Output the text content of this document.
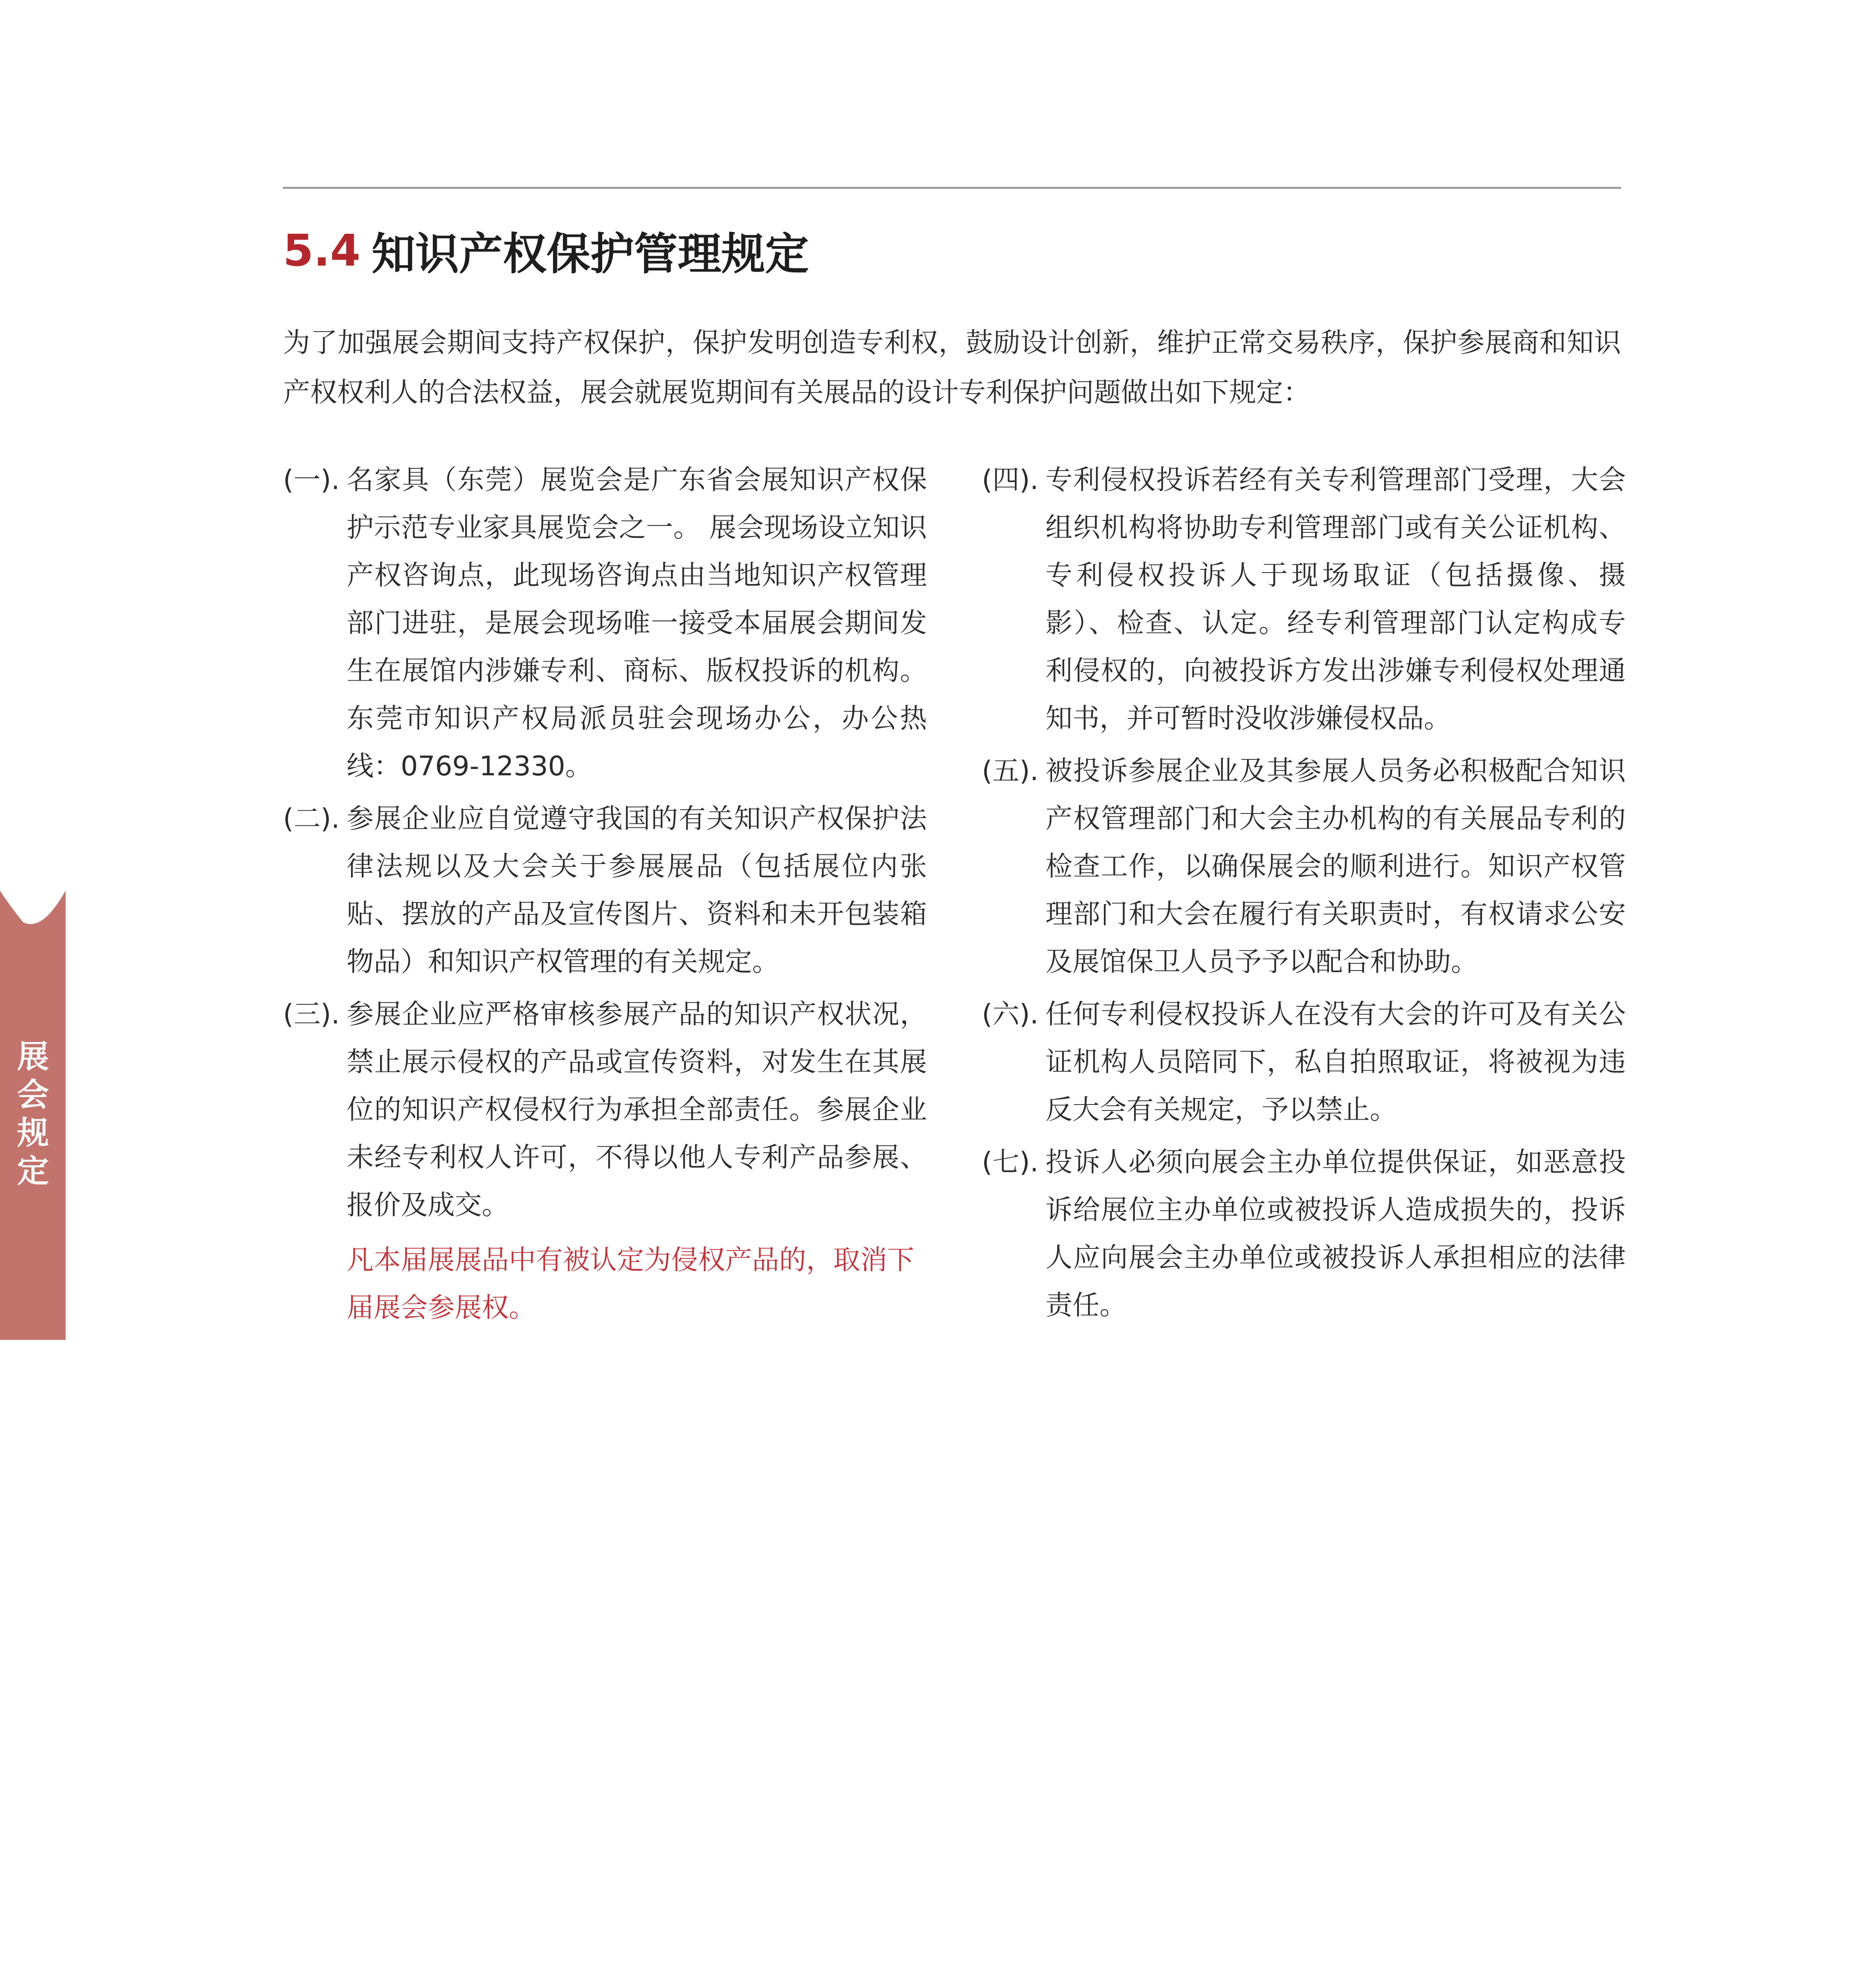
5.4 知识产权保护管理规定
为了加强展会期间支持产权保护，保护发明创造专利权，鼓励设计创新，维护正常交易秩序，保护参展商和知识产权权利人的合法权益，展会就展览期间有关展品的设计专利保护问题做出如下规定：
(一). 名家具（东莞）展览会是广东省会展知识产权保护示范专业家具展览会之一。 展会现场设立知识产权咨询点，此现场咨询点由当地知识产权管理部门进驻，是展会现场唯一接受本届展会期间发生在展馆内涉嫌专利、商标、版权投诉的机构。东莞市知识产权局派员驻会现场办公，办公热线：0769-12330。
(二). 参展企业应自觉遵守我国的有关知识产权保护法律法规以及大会关于参展展品（包括展位内张贴、摆放的产品及宣传图片、资料和未开包装箱物品）和知识产权管理的有关规定。
(三). 参展企业应严格审核参展产品的知识产权状况，禁止展示侵权的产品或宣传资料，对发生在其展位的知识产权侵权行为承担全部责任。参展企业未经专利权人许可，不得以他人专利产品参展、报价及成交。
凡本届展展品中有被认定为侵权产品的，取消下届展会参展权。
(四). 专利侵权投诉若经有关专利管理部门受理，大会组织机构将协助专利管理部门或有关公证机构、专利侵权投诉人于现场取证（包括摄像、摄影）、检查、认定。经专利管理部门认定构成专利侵权的，向被投诉方发出涉嫌专利侵权处理通知书，并可暂时没收涉嫌侵权品。
(五). 被投诉参展企业及其参展人员务必积极配合知识产权管理部门和大会主办机构的有关展品专利的检查工作，以确保展会的顺利进行。知识产权管理部门和大会在履行有关职责时，有权请求公安及展馆保卫人员予予以配合和协助。
(六). 任何专利侵权投诉人在没有大会的许可及有关公证机构人员陪同下，私自拍照取证，将被视为违反大会有关规定，予以禁止。
(七). 投诉人必须向展会主办单位提供保证，如恶意投诉给展位主办单位或被投诉人造成损失的，投诉人应向展会主办单位或被投诉人承担相应的法律责任。
展会规定
